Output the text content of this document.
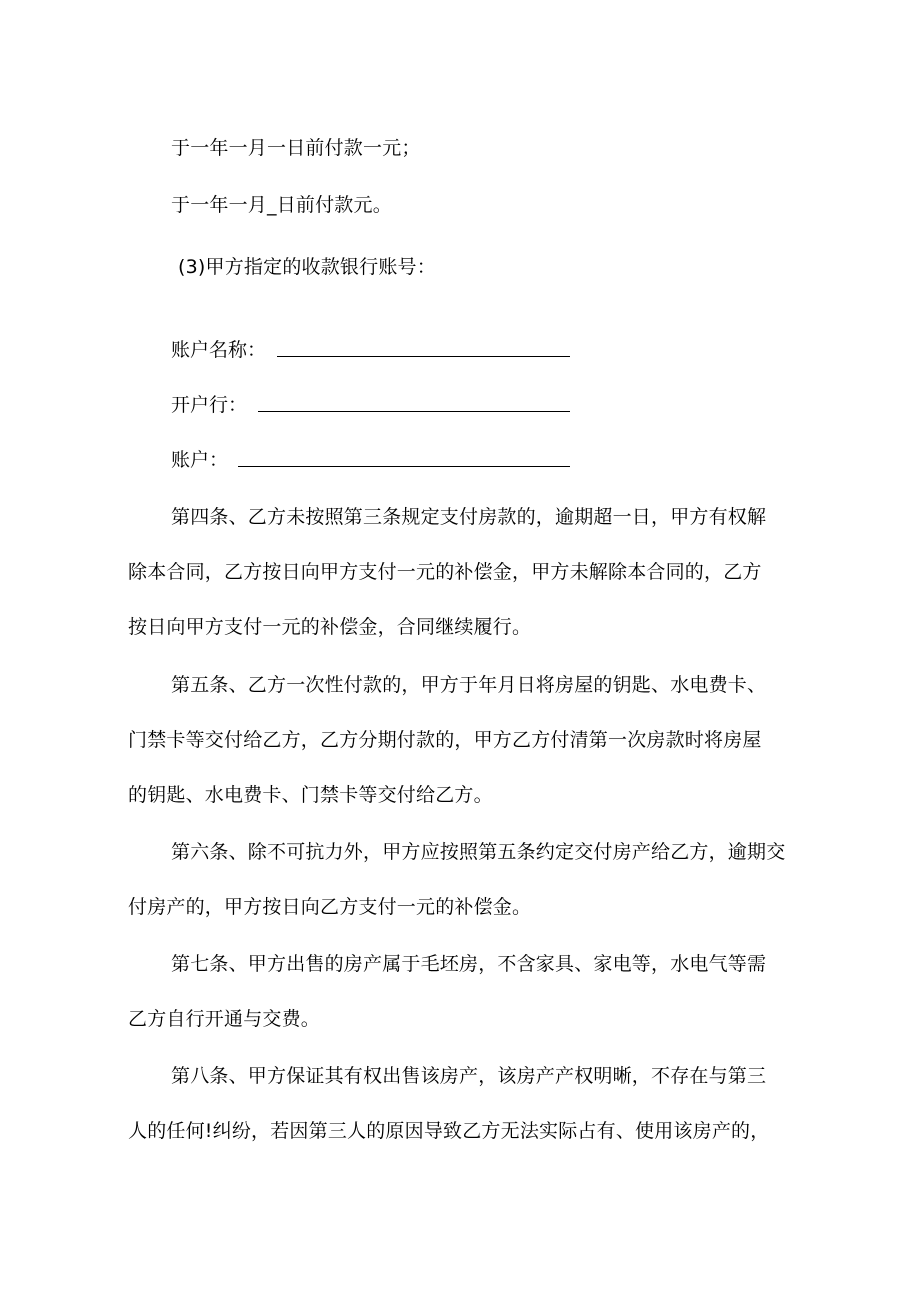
于一年一月一日前付款一元；
于一年一月_日前付款元。
(3)甲方指定的收款银行账号：
账户名称：
开户行：
账户：
第四条、乙方未按照第三条规定支付房款的，逾期超一日，甲方有权解
除本合同，乙方按日向甲方支付一元的补偿金，甲方未解除本合同的，乙方
按日向甲方支付一元的补偿金，合同继续履行。
第五条、乙方一次性付款的，甲方于年月日将房屋的钥匙、水电费卡、
门禁卡等交付给乙方，乙方分期付款的，甲方乙方付清第一次房款时将房屋
的钥匙、水电费卡、门禁卡等交付给乙方。
第六条、除不可抗力外，甲方应按照第五条约定交付房产给乙方，逾期交
付房产的，甲方按日向乙方支付一元的补偿金。
第七条、甲方出售的房产属于毛坯房，不含家具、家电等，水电气等需
乙方自行开通与交费。
第八条、甲方保证其有权出售该房产，该房产产权明晰，不存在与第三
人的任何!纠纷，若因第三人的原因导致乙方无法实际占有、使用该房产的，
